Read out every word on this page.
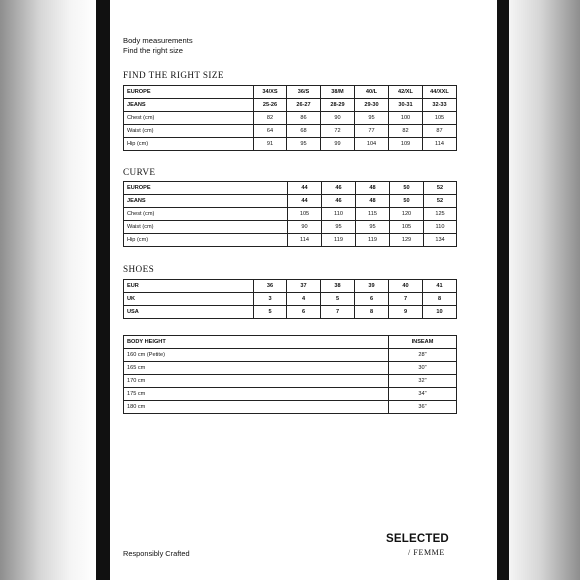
Body measurements
Find the right size
FIND THE RIGHT SIZE
EUROPE	34/XS	36/S	38/M	40/L	42/XL	44/XXL
JEANS	25-26	26-27	28-29	29-30	30-31	32-33
Chest (cm)	82	86	90	95	100	105
Waist (cm)	64	68	72	77	82	87
Hip (cm)	91	95	99	104	109	114
CURVE
EUROPE	44	46	48	50	52
JEANS	44	46	48	50	52
Chest (cm)	105	110	115	120	125
Waist (cm)	90	95	95	105	110
Hip (cm)	114	119	119	129	134
SHOES
EUR	36	37	38	39	40	41
UK	3	4	5	6	7	8
USA	5	6	7	8	9	10
BODY HEIGHT	INSEAM
160 cm (Petite)	28"
165 cm	30"
170 cm	32"
175 cm	34"
180 cm	36"
Responsibly Crafted
SELECTED
/ FEMME
